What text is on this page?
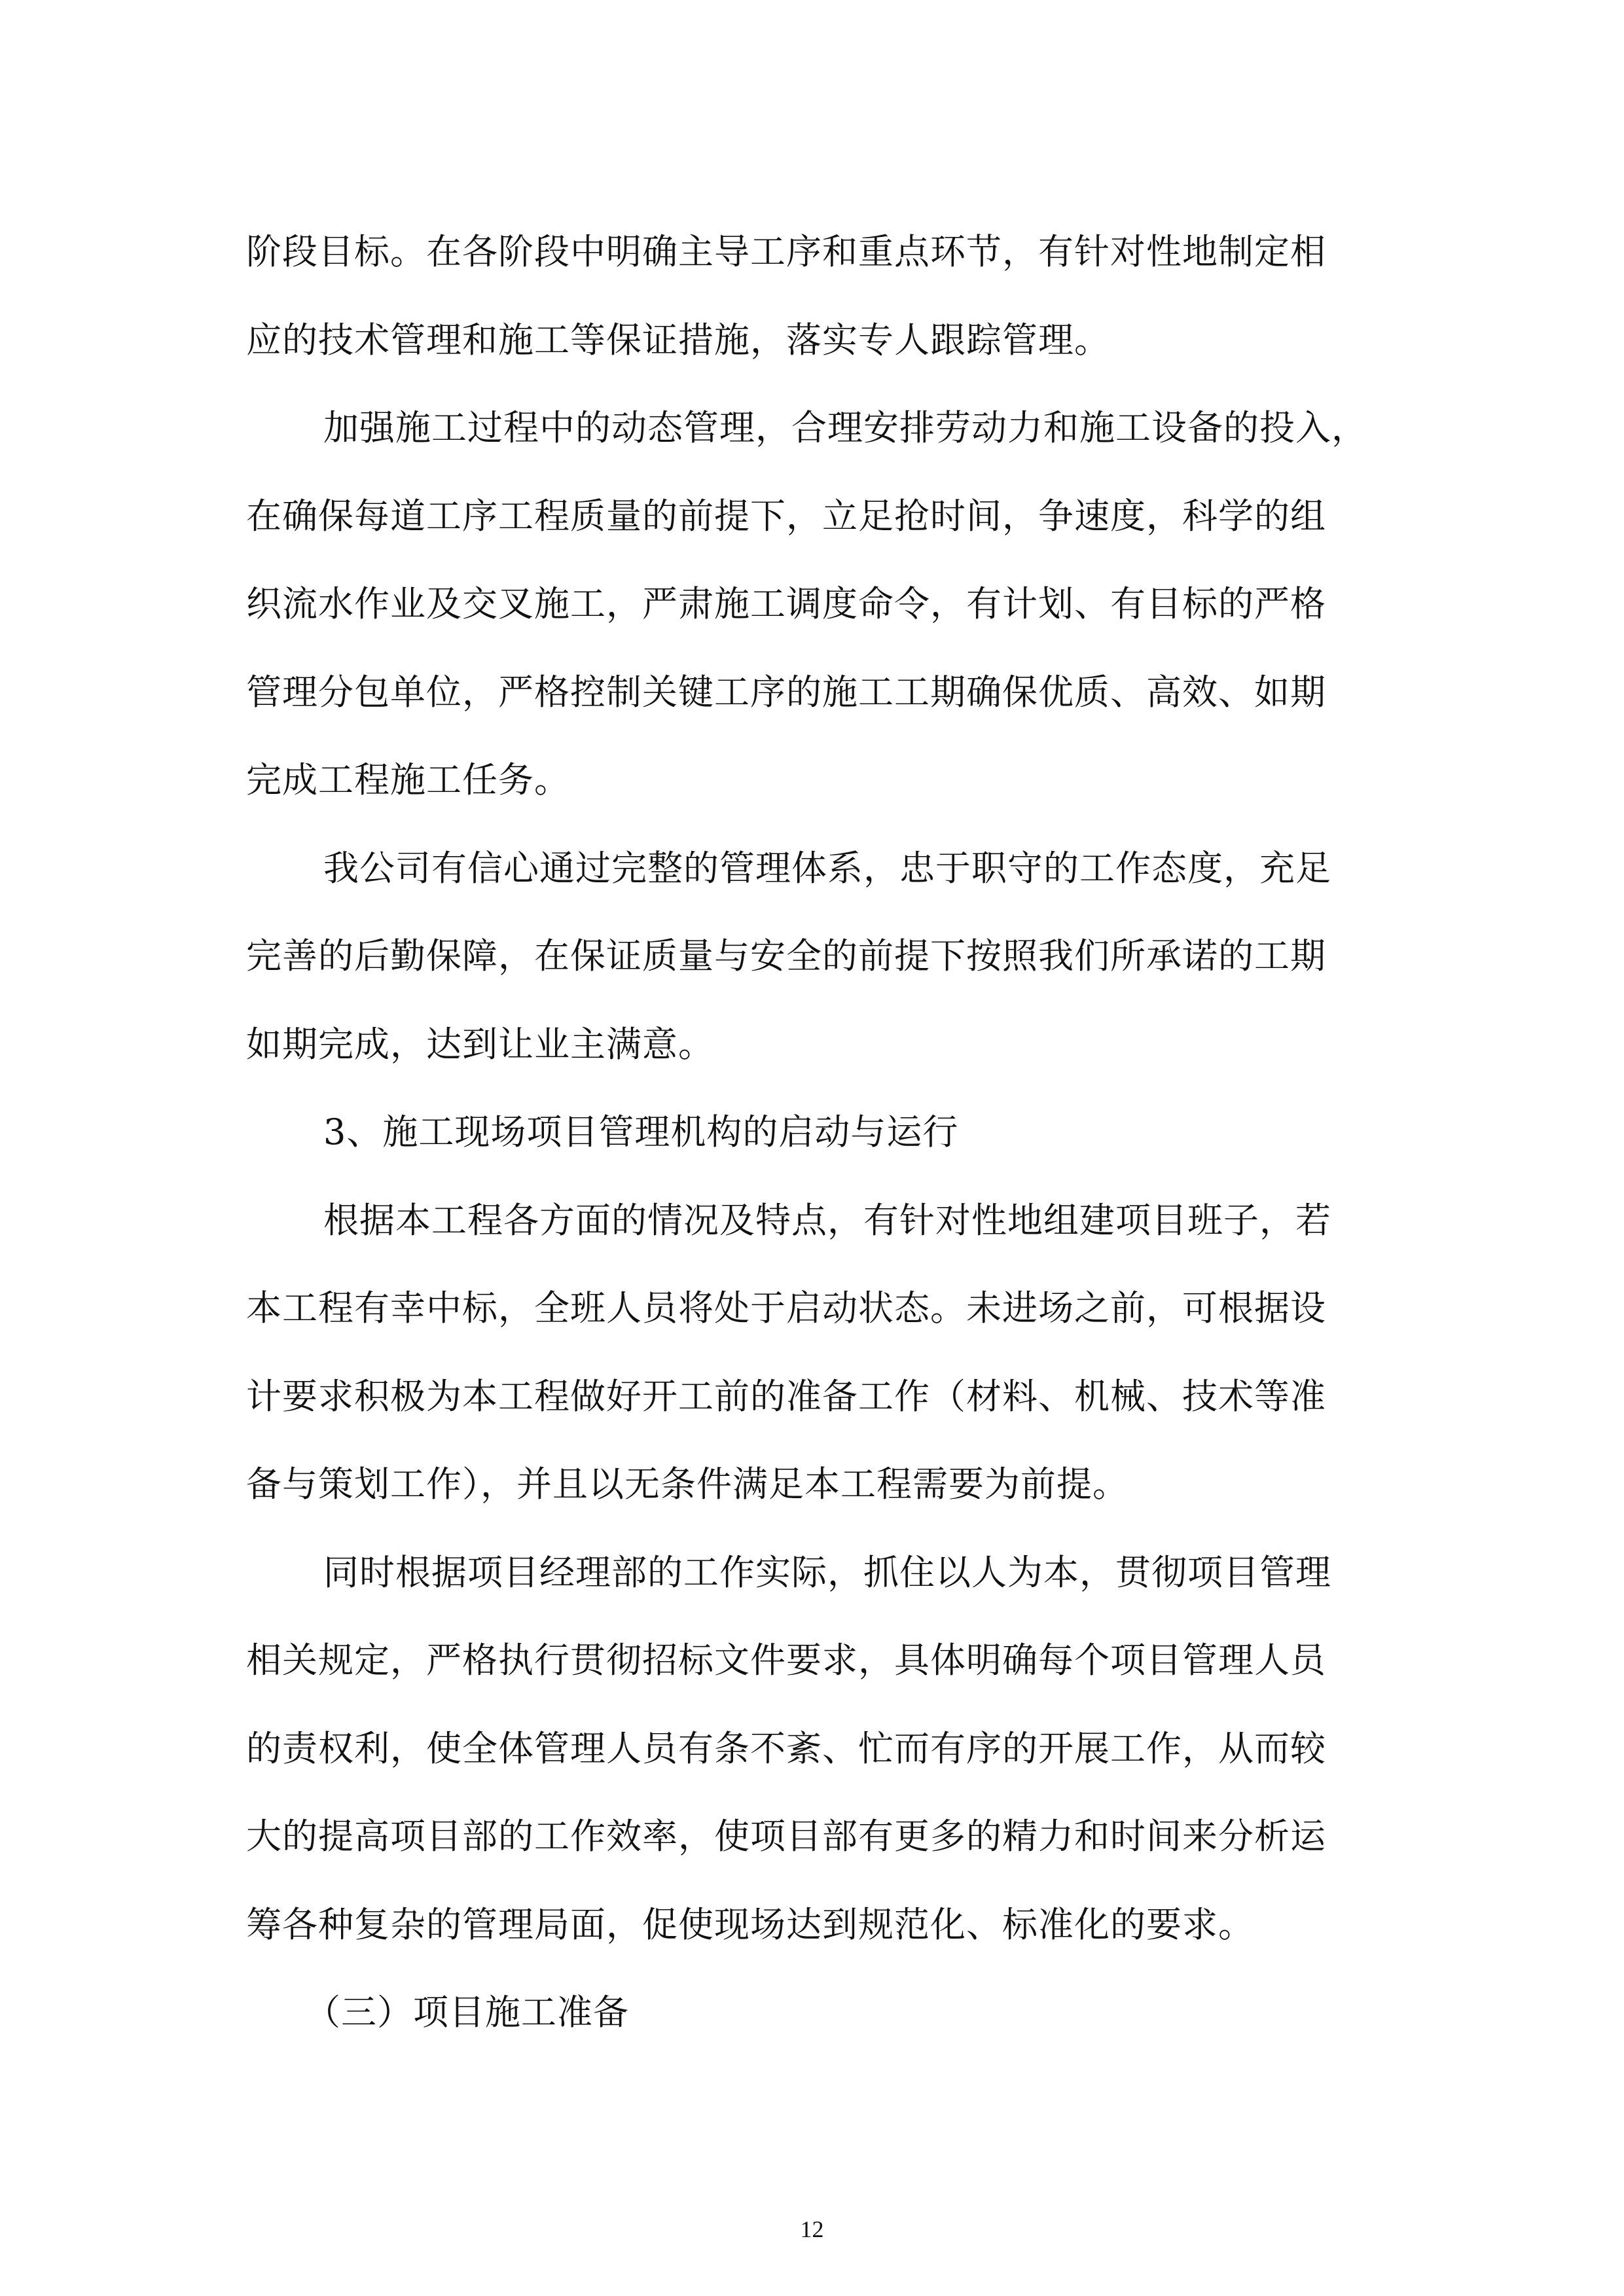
阶段目标。在各阶段中明确主导工序和重点环节，有针对性地制定相
应的技术管理和施工等保证措施，落实专人跟踪管理。
加强施工过程中的动态管理，合理安排劳动力和施工设备的投入，
在确保每道工序工程质量的前提下，立足抢时间，争速度，科学的组
织流水作业及交叉施工，严肃施工调度命令，有计划、有目标的严格
管理分包单位，严格控制关键工序的施工工期确保优质、高效、如期
完成工程施工任务。
我公司有信心通过完整的管理体系，忠于职守的工作态度，充足
完善的后勤保障，在保证质量与安全的前提下按照我们所承诺的工期
如期完成，达到让业主满意。
3、施工现场项目管理机构的启动与运行
根据本工程各方面的情况及特点，有针对性地组建项目班子，若
本工程有幸中标，全班人员将处于启动状态。未进场之前，可根据设
计要求积极为本工程做好开工前的准备工作（材料、机械、技术等准
备与策划工作），并且以无条件满足本工程需要为前提。
同时根据项目经理部的工作实际，抓住以人为本，贯彻项目管理
相关规定，严格执行贯彻招标文件要求，具体明确每个项目管理人员
的责权利，使全体管理人员有条不紊、忙而有序的开展工作，从而较
大的提高项目部的工作效率，使项目部有更多的精力和时间来分析运
筹各种复杂的管理局面，促使现场达到规范化、标准化的要求。
（三）项目施工准备
12
